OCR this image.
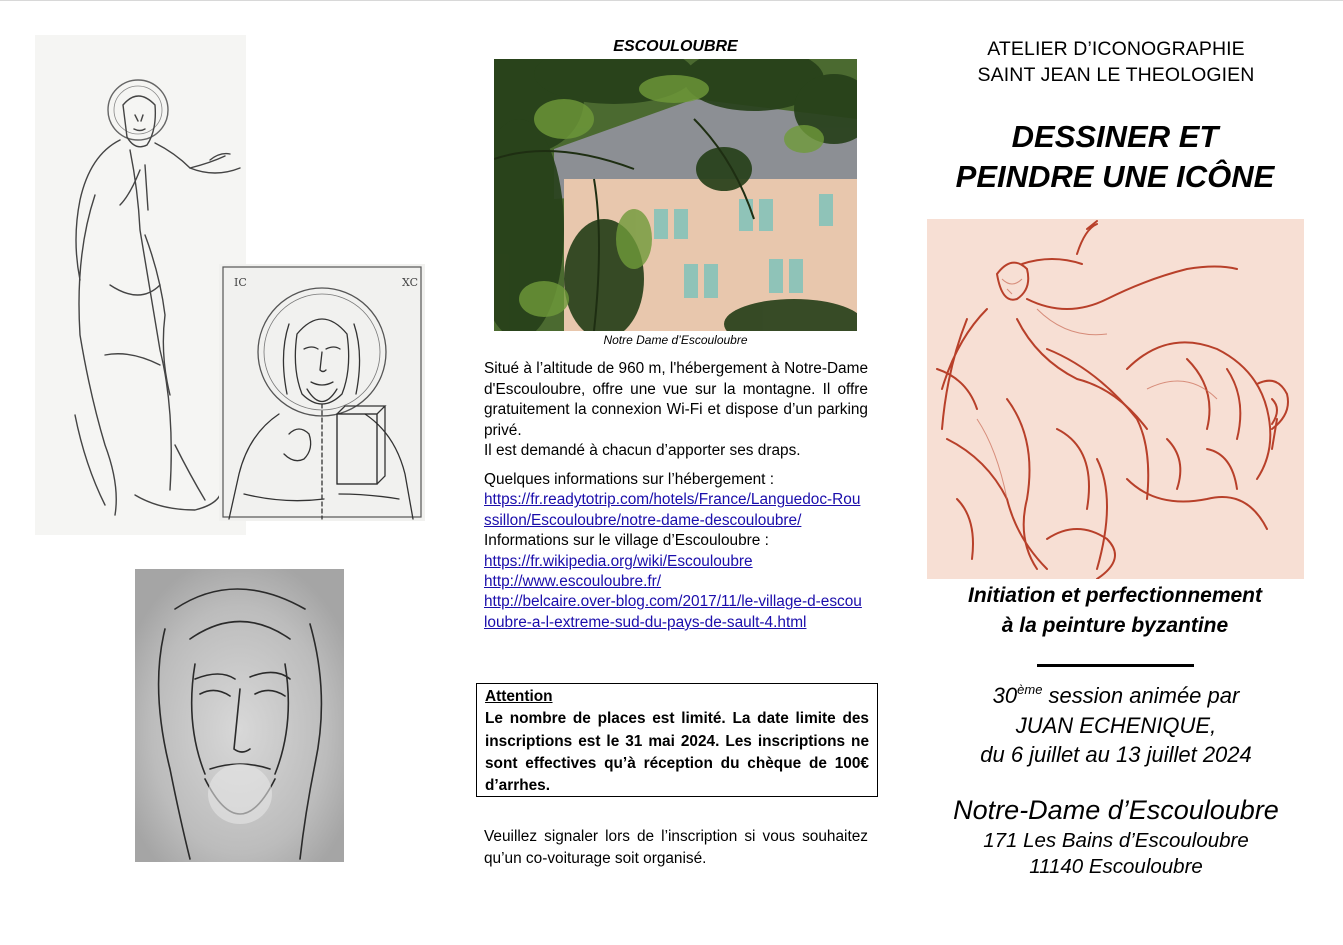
IC	XC
ESCOULOUBRE
Notre Dame d’Escouloubre

Situé à l’altitude de 960 m, l'hébergement à Notre-Dame d'Escouloubre, offre une vue sur la montagne. Il offre gratuitement la connexion Wi-Fi et dispose d’un parking privé.

Il est demandé à chacun d’apporter ses draps.

Quelques informations sur l’hébergement :
https://fr.readytotrip.com/hotels/France/Languedoc-Roussillon/Escouloubre/notre-dame-descouloubre/
Informations sur le village d’Escouloubre :
https://fr.wikipedia.org/wiki/Escouloubre
http://www.escouloubre.fr/
http://belcaire.over-blog.com/2017/11/le-village-d-escouloubre-a-l-extreme-sud-du-pays-de-sault-4.html
Attention
Le nombre de places est limité. La date limite des inscriptions est le 31 mai 2024. Les inscriptions ne sont effectives qu’à réception du chèque de 100€ d’arrhes.
Veuillez signaler lors de l’inscription si vous souhaitez qu’un co-voiturage soit organisé.
ATELIER D’ICONOGRAPHIE
SAINT JEAN LE THEOLOGIEN
DESSINER ET
PEINDRE UNE ICÔNE
Initiation et perfectionnement
à la peinture byzantine
30ème session animée par
JUAN ECHENIQUE,
du 6 juillet au 13 juillet 2024
Notre-Dame d’Escouloubre
171 Les Bains d’Escouloubre
11140 Escouloubre
